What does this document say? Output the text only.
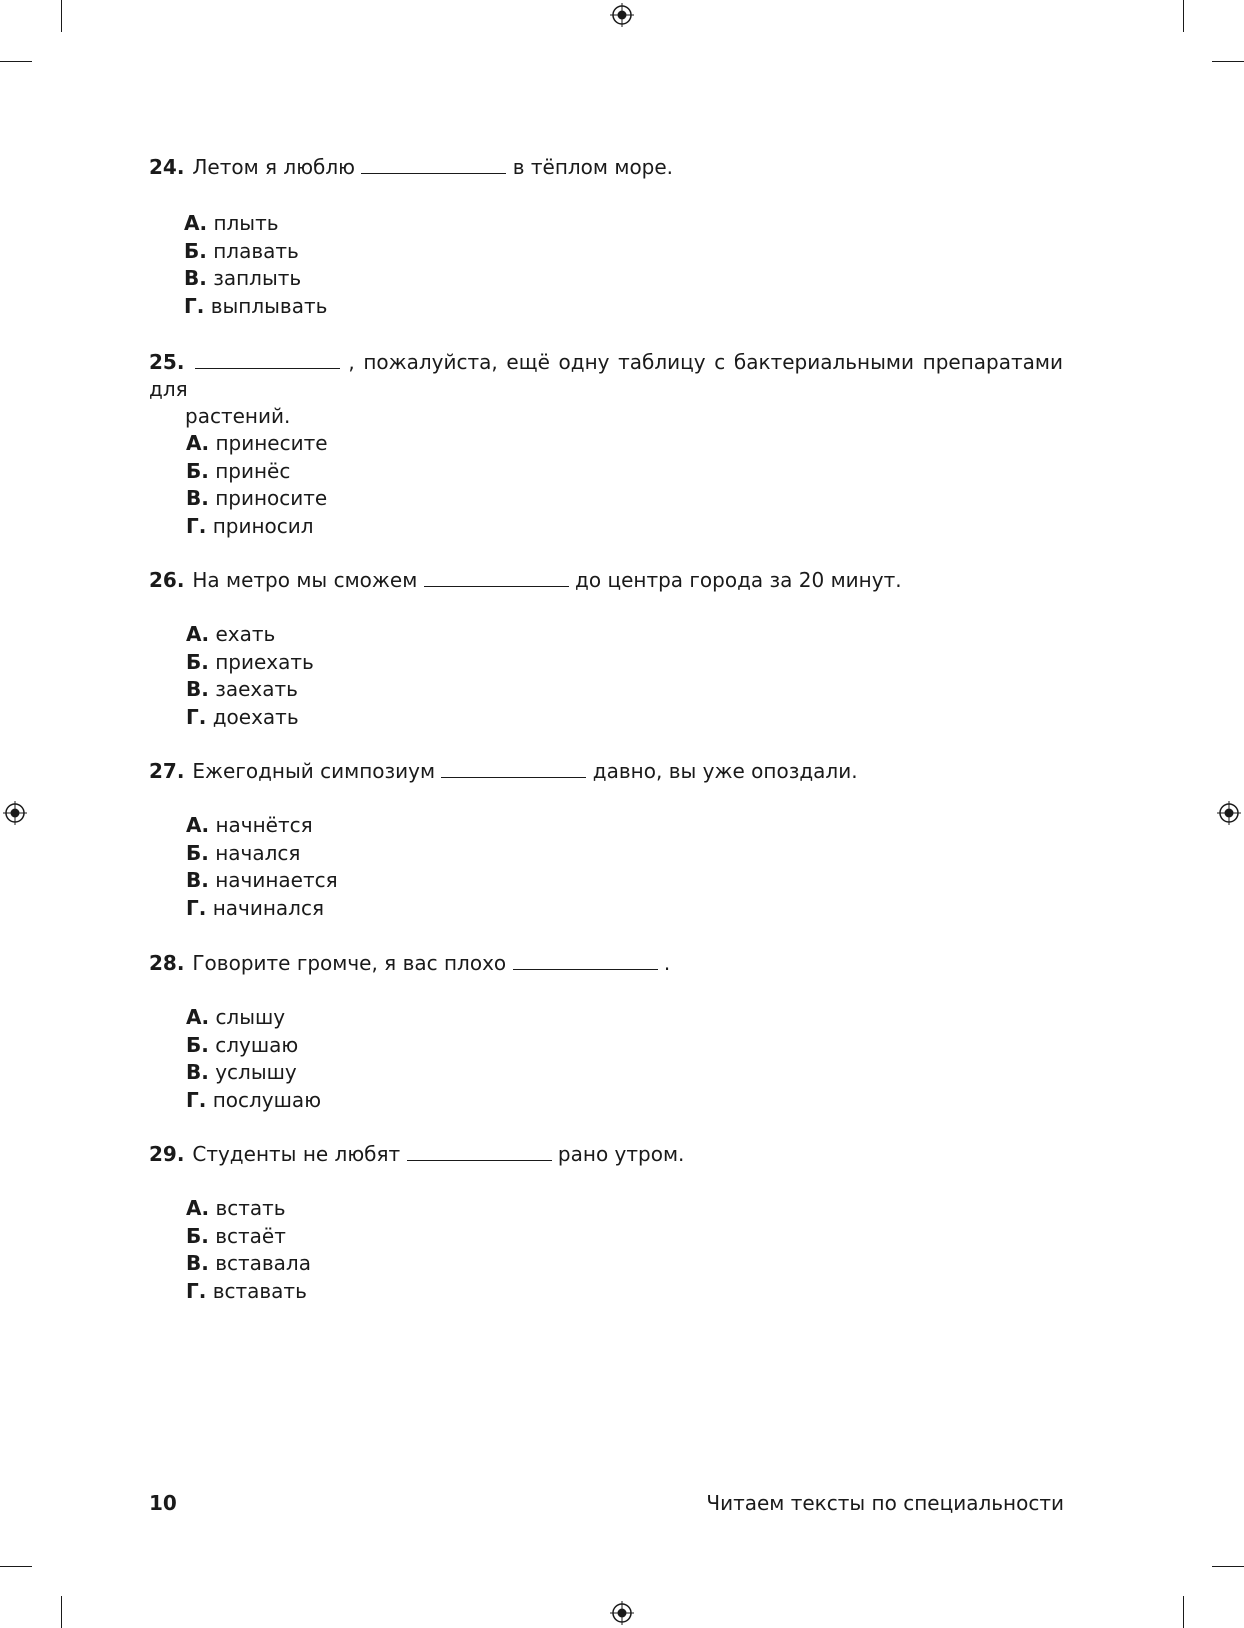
24. Летом я люблю	в тёплом море.
А. плыть
Б. плавать
В. заплыть
Г. выплывать
25.	, пожалуйста, ещё одну таблицу с бактериальными препаратами для
растений.
А. принесите
Б. принёс
В. приносите
Г. приносил
26. На метро мы сможем	до центра города за 20 минут.
А. ехать
Б. приехать
В. заехать
Г. доехать
27. Ежегодный симпозиум	давно, вы уже опоздали.
А. начнётся
Б. начался
В. начинается
Г. начинался
28. Говорите громче, я вас плохо	.
А. слышу
Б. слушаю
В. услышу
Г. послушаю
29. Студенты не любят	рано утром.
А. встать
Б. встаёт
В. вставала
Г. вставать
10	Читаем тексты по специальности
